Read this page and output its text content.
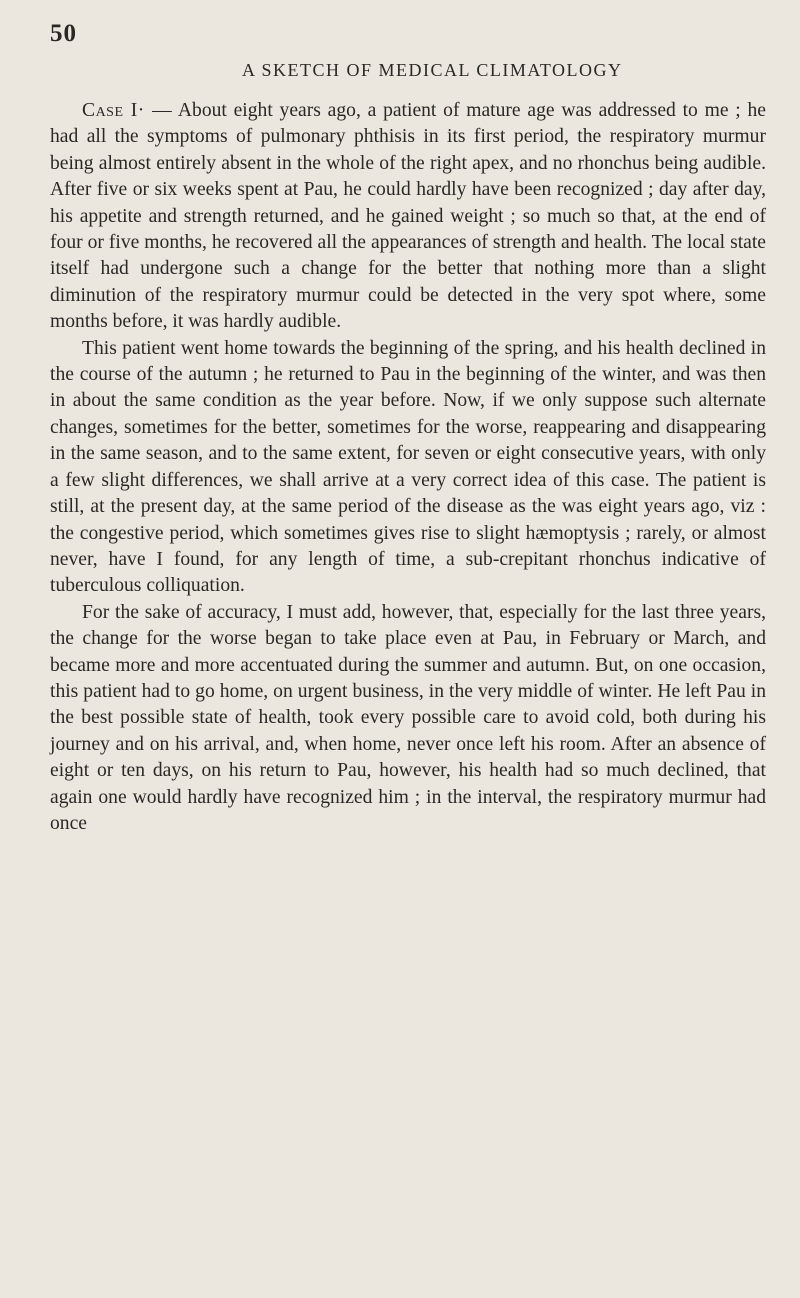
50
A SKETCH OF MEDICAL CLIMATOLOGY

Case I· — About eight years ago, a patient of mature age was addressed to me ; he had all the symptoms of pulmonary phthisis in its first period, the respiratory murmur being almost entirely absent in the whole of the right apex, and no rhonchus being audible. After five or six weeks spent at Pau, he could hardly have been recognized ; day after day, his appetite and strength returned, and he gained weight ; so much so that, at the end of four or five months, he recovered all the appearances of strength and health. The local state itself had undergone such a change for the better that nothing more than a slight diminution of the respiratory murmur could be detected in the very spot where, some months before, it was hardly audible.

This patient went home towards the beginning of the spring, and his health declined in the course of the autumn ; he returned to Pau in the beginning of the winter, and was then in about the same condition as the year before. Now, if we only suppose such alternate changes, sometimes for the better, sometimes for the worse, reappearing and disappearing in the same season, and to the same extent, for seven or eight consecutive years, with only a few slight differences, we shall arrive at a very correct idea of this case. The patient is still, at the present day, at the same period of the disease as the was eight years ago, viz : the congestive period, which sometimes gives rise to slight hæmoptysis ; rarely, or almost never, have I found, for any length of time, a sub-crepitant rhonchus indicative of tuberculous colliquation.

For the sake of accuracy, I must add, however, that, especially for the last three years, the change for the worse began to take place even at Pau, in February or March, and became more and more accentuated during the summer and autumn. But, on one occasion, this patient had to go home, on urgent business, in the very middle of winter. He left Pau in the best possible state of health, took every possible care to avoid cold, both during his journey and on his arrival, and, when home, never once left his room. After an absence of eight or ten days, on his return to Pau, however, his health had so much declined, that again one would hardly have recognized him ; in the interval, the respiratory murmur had once
